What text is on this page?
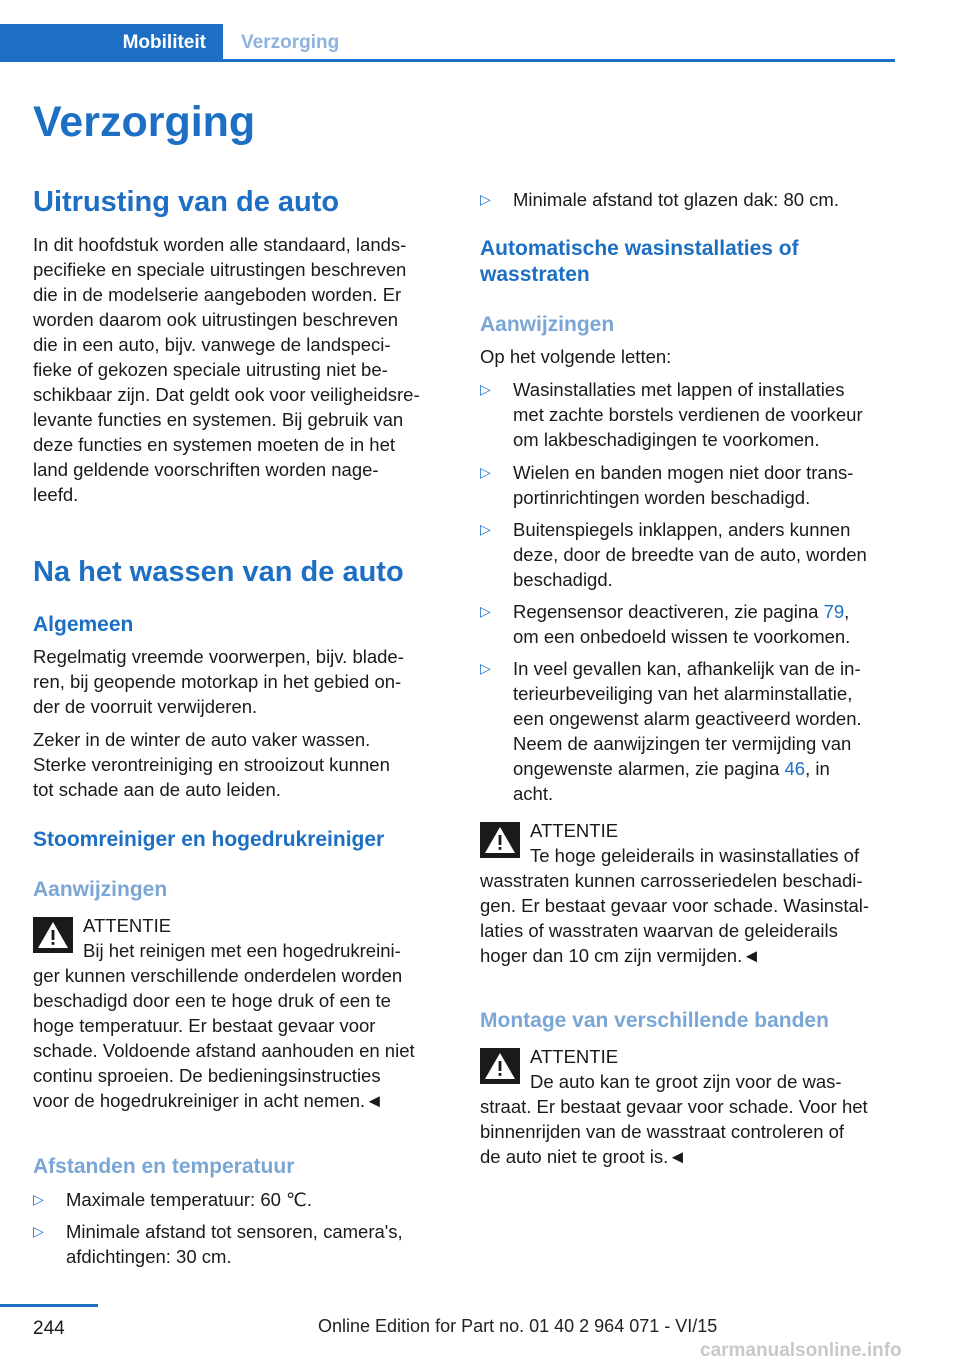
Mobiliteit	Verzorging
Verzorging
Uitrusting van de auto
In dit hoofdstuk worden alle standaard, lands-
pecifieke en speciale uitrustingen beschreven
die in de modelserie aangeboden worden. Er
worden daarom ook uitrustingen beschreven
die in een auto, bijv. vanwege de landspeci-
fieke of gekozen speciale uitrusting niet be-
schikbaar zijn. Dat geldt ook voor veiligheidsre-
levante functies en systemen. Bij gebruik van
deze functies en systemen moeten de in het
land geldende voorschriften worden nage-
leefd.
Na het wassen van de auto
Algemeen
Regelmatig vreemde voorwerpen, bijv. blade-
ren, bij geopende motorkap in het gebied on-
der de voorruit verwijderen.
Zeker in de winter de auto vaker wassen.
Sterke verontreiniging en strooizout kunnen
tot schade aan de auto leiden.
Stoomreiniger en hogedrukreiniger
Aanwijzingen
ATTENTIE
Bij het reinigen met een hogedrukreini-
ger kunnen verschillende onderdelen worden
beschadigd door een te hoge druk of een te
hoge temperatuur. Er bestaat gevaar voor
schade. Voldoende afstand aanhouden en niet
continu sproeien. De bedieningsinstructies
voor de hogedrukreiniger in acht nemen.◄
Afstanden en temperatuur
▷ Maximale temperatuur: 60 ℃.
▷ Minimale afstand tot sensoren, camera's,
afdichtingen: 30 cm.
▷ Minimale afstand tot glazen dak: 80 cm.
Automatische wasinstallaties of
wasstraten
Aanwijzingen
Op het volgende letten:
▷ Wasinstallaties met lappen of installaties
met zachte borstels verdienen de voorkeur
om lakbeschadigingen te voorkomen.
▷ Wielen en banden mogen niet door trans-
portinrichtingen worden beschadigd.
▷ Buitenspiegels inklappen, anders kunnen
deze, door de breedte van de auto, worden
beschadigd.
▷ Regensensor deactiveren, zie pagina 79,
om een onbedoeld wissen te voorkomen.
▷ In veel gevallen kan, afhankelijk van de in-
terieurbeveiliging van het alarminstallatie,
een ongewenst alarm geactiveerd worden.
Neem de aanwijzingen ter vermijding van
ongewenste alarmen, zie pagina 46, in
acht.
ATTENTIE
Te hoge geleiderails in wasinstallaties of
wasstraten kunnen carrosseriedelen beschadi-
gen. Er bestaat gevaar voor schade. Wasinstal-
laties of wasstraten waarvan de geleiderails
hoger dan 10 cm zijn vermijden.◄
Montage van verschillende banden
ATTENTIE
De auto kan te groot zijn voor de was-
straat. Er bestaat gevaar voor schade. Voor het
binnenrijden van de wasstraat controleren of
de auto niet te groot is.◄
244	Online Edition for Part no. 01 40 2 964 071 - VI/15
carmanualsonline.info
